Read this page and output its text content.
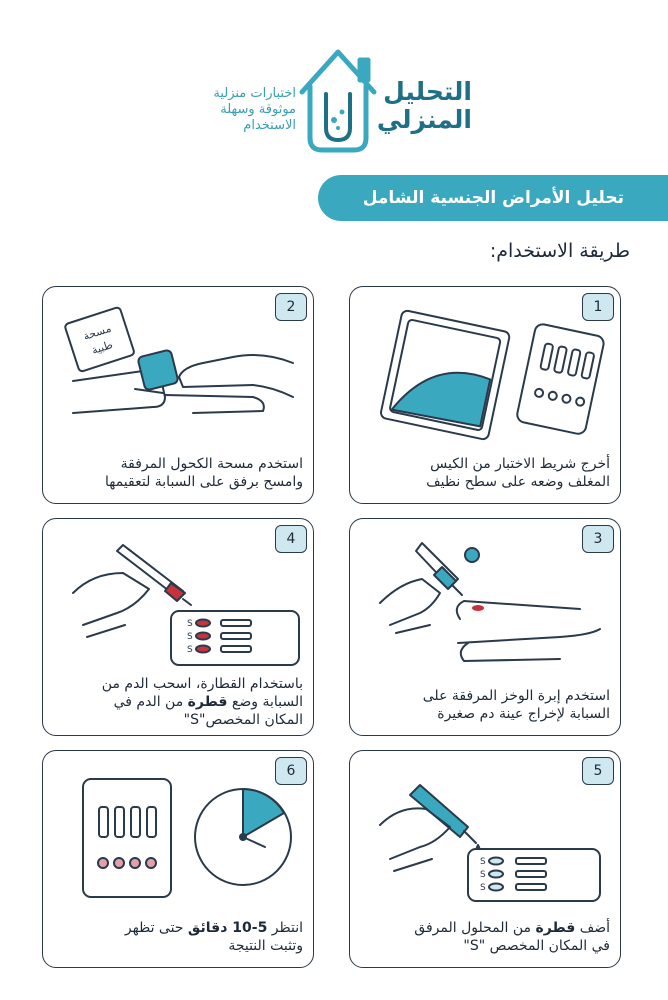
التحليل
المنزلي
اختبارات منزلية
موثوقة وسهلة
الاستخدام
تحليل الأمراض الجنسية الشامل
طريقة الاستخدام:
1
أخرج شريط الاختبار من الكيس
المغلف وضعه على سطح نظيف
2
مسحة
طبية
استخدم مسحة الكحول المرفقة
وامسح برفق على السبابة لتعقيمها
3
استخدم إبرة الوخز المرفقة على
السبابة لإخراج عينة دم صغيرة
4
S
S
S
باستخدام القطارة، اسحب الدم من
السبابة وضع قطرة من الدم في
المكان المخصص"S"
5
S
S
S
أضف قطرة من المحلول المرفق
في المكان المخصص "S"
6
انتظر 5-10 دقائق حتى تظهر
وتثبت النتيجة
